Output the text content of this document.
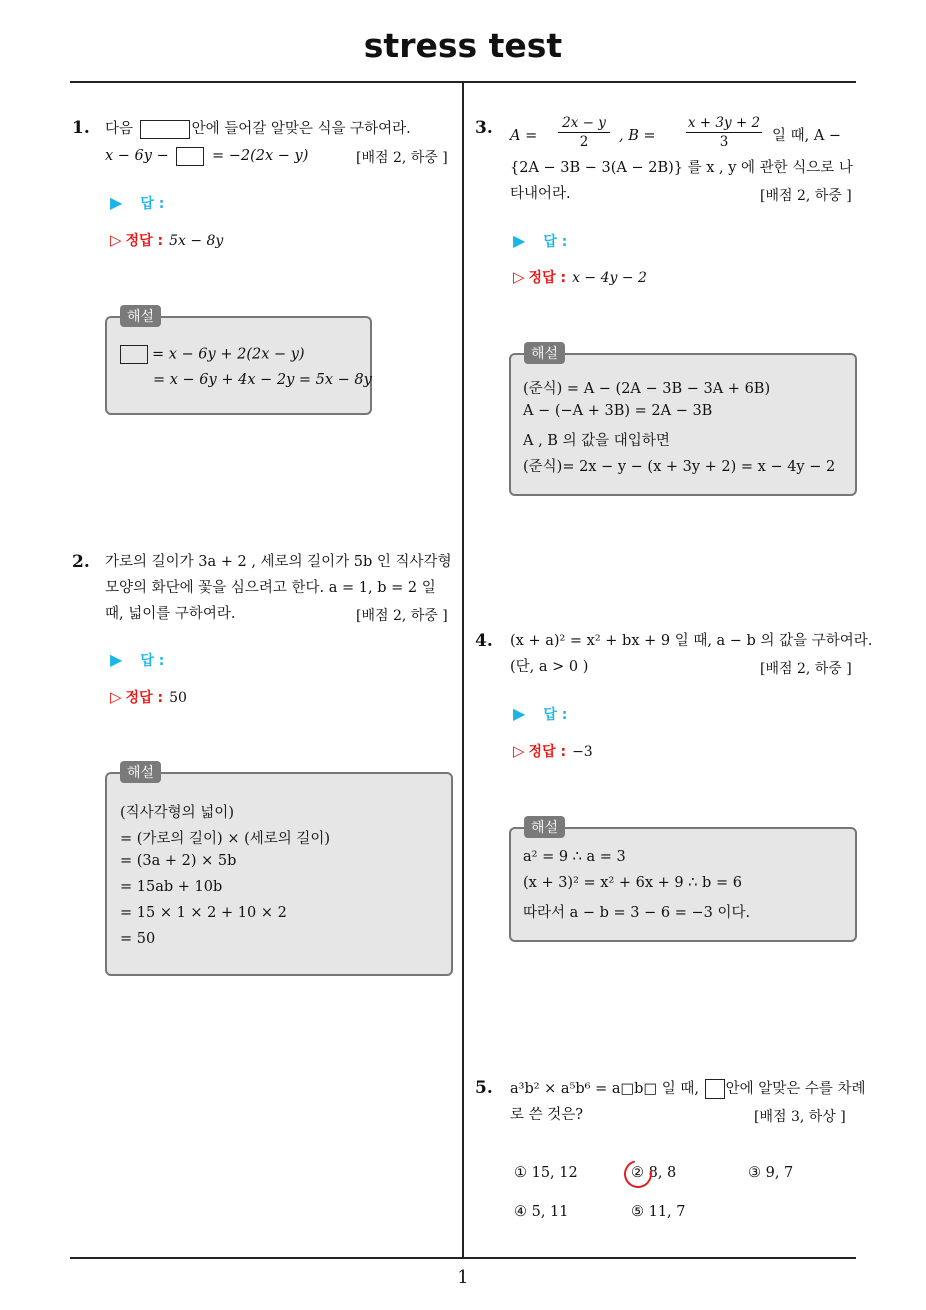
stress test
1
1. 다음	안에 들어갈 알맞은 식을 구하여라.
x − 6y −	= −2(2x − y)	[배점 2, 하중 ]
▶ 답 :
▷ 정답 : 5x − 8y
= x − 6y + 2(2x − y)
= x − 6y + 4x − 2y = 5x − 8y
해설
2. 가로의 길이가 3a + 2 , 세로의 길이가 5b 인 직사각형
모양의 화단에 꽃을 심으려고 한다. a = 1, b = 2 일
때, 넓이를 구하여라.	[배점 2, 하중 ]
▶ 답 :
▷ 정답 : 50
(직사각형의 넓이)
= (가로의 길이) × (세로의 길이)
= (3a + 2) × 5b
= 15ab + 10b
= 15 × 1 × 2 + 10 × 2
= 50
해설
3. A =
2x − y
2	, B =
x + 3y + 2
3	일 때, A −
{2A − 3B − 3(A − 2B)} 를 x , y 에 관한 식으로 나
타내어라.	[배점 2, 하중 ]
▶ 답 :
▷ 정답 : x − 4y − 2
(준식) = A − (2A − 3B − 3A + 6B)
A − (−A + 3B) = 2A − 3B
A , B 의 값을 대입하면
(준식)= 2x − y − (x + 3y + 2) = x − 4y − 2
해설
4. (x + a)² = x² + bx + 9 일 때, a − b 의 값을 구하여라.
(단, a > 0 )	[배점 2, 하중 ]
▶ 답 :
▷ 정답 : −3
a² = 9 ∴ a = 3
(x + 3)² = x² + 6x + 9 ∴ b = 6
따라서 a − b = 3 − 6 = −3 이다.
해설
5. a³b² × a⁵b⁶ = a□b□ 일 때, 안에 알맞은 수를 차례
로 쓴 것은?	[배점 3, 하상 ]
① 15, 12	② 8, 8	③ 9, 7
④ 5, 11	⑤ 11, 7
